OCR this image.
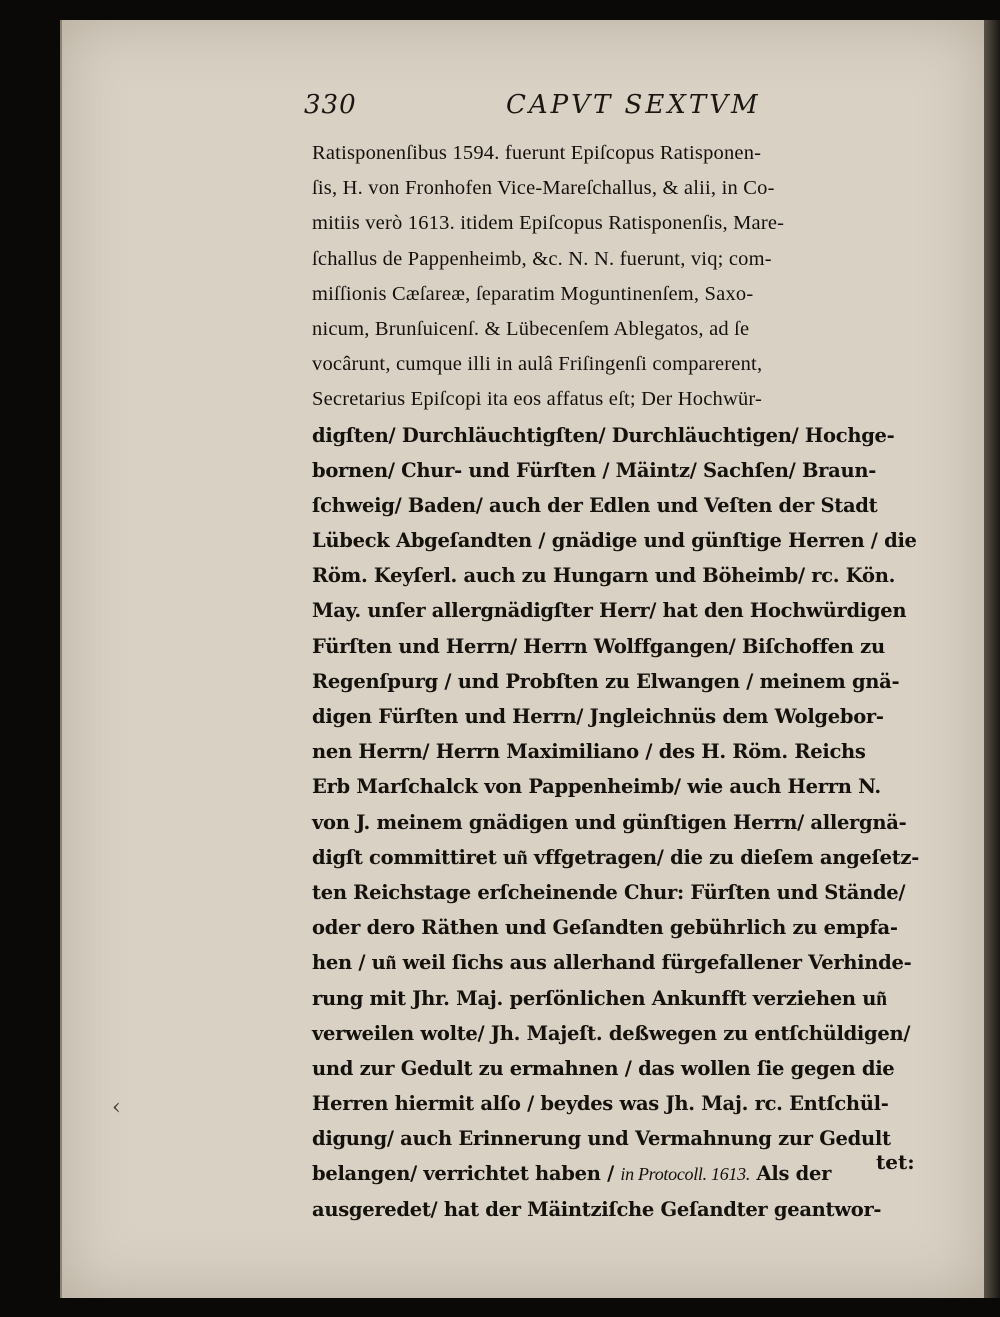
330	CAPVT SEXTVM
Ratisponenſibus 1594. fuerunt Epiſcopus Ratisponen-
ſis, H. von Fronhofen Vice-Mareſchallus, & alii, in Co-
mitiis verò 1613. itidem Epiſcopus Ratisponenſis, Mare-
ſchallus de Pappenheimb, &c. N. N. fuerunt, viq; com-
miſſionis Cæſareæ, ſeparatim Moguntinenſem, Saxo-
nicum, Brunſuicenſ. & Lübecenſem Ablegatos, ad ſe
vocârunt, cumque illi in aulâ Friſingenſi comparerent,
Secretarius Epiſcopi ita eos affatus eſt; Der Hochwür-
digſten/ Durchläuchtigſten/ Durchläuchtigen/ Hochge-
bornen/ Chur- und Fürſten / Mäintz/ Sachſen/ Braun-
ſchweig/ Baden/ auch der Edlen und Veſten der Stadt
Lübeck Abgeſandten / gnädige und günſtige Herren / die
Röm. Keyſerl. auch zu Hungarn und Böheimb/ rc. Kön.
May. unſer allergnädigſter Herr/ hat den Hochwürdigen
Fürſten und Herrn/ Herrn Wolffgangen/ Biſchoffen zu
Regenſpurg / und Probſten zu Elwangen / meinem gnä-
digen Fürſten und Herrn/ Jngleichnüs dem Wolgebor-
nen Herrn/ Herrn Maximiliano / des H. Röm. Reichs
Erb Marſchalck von Pappenheimb/ wie auch Herrn N.
von J. meinem gnädigen und günſtigen Herrn/ allergnä-
digſt committiret un͂ vffgetragen/ die zu dieſem angeſetz-
ten Reichstage erſcheinende Chur: Fürſten und Stände/
oder dero Räthen und Geſandten gebührlich zu empfa-
hen / un͂ weil ſichs aus allerhand fürgefallener Verhinde-
rung mit Jhr. Maj. perſönlichen Ankunfft verziehen un͂
verweilen wolte/ Jh. Majeſt. deßwegen zu entſchüldigen/
und zur Gedult zu ermahnen / das wollen ſie gegen die
Herren hiermit alſo / beydes was Jh. Maj. rc. Entſchül-
digung/ auch Erinnerung und Vermahnung zur Gedult
belangen/ verrichtet haben / in Protocoll. 1613. Als der
ausgeredet/ hat der Mäintziſche Geſandter geantwor-
tet:
‹
